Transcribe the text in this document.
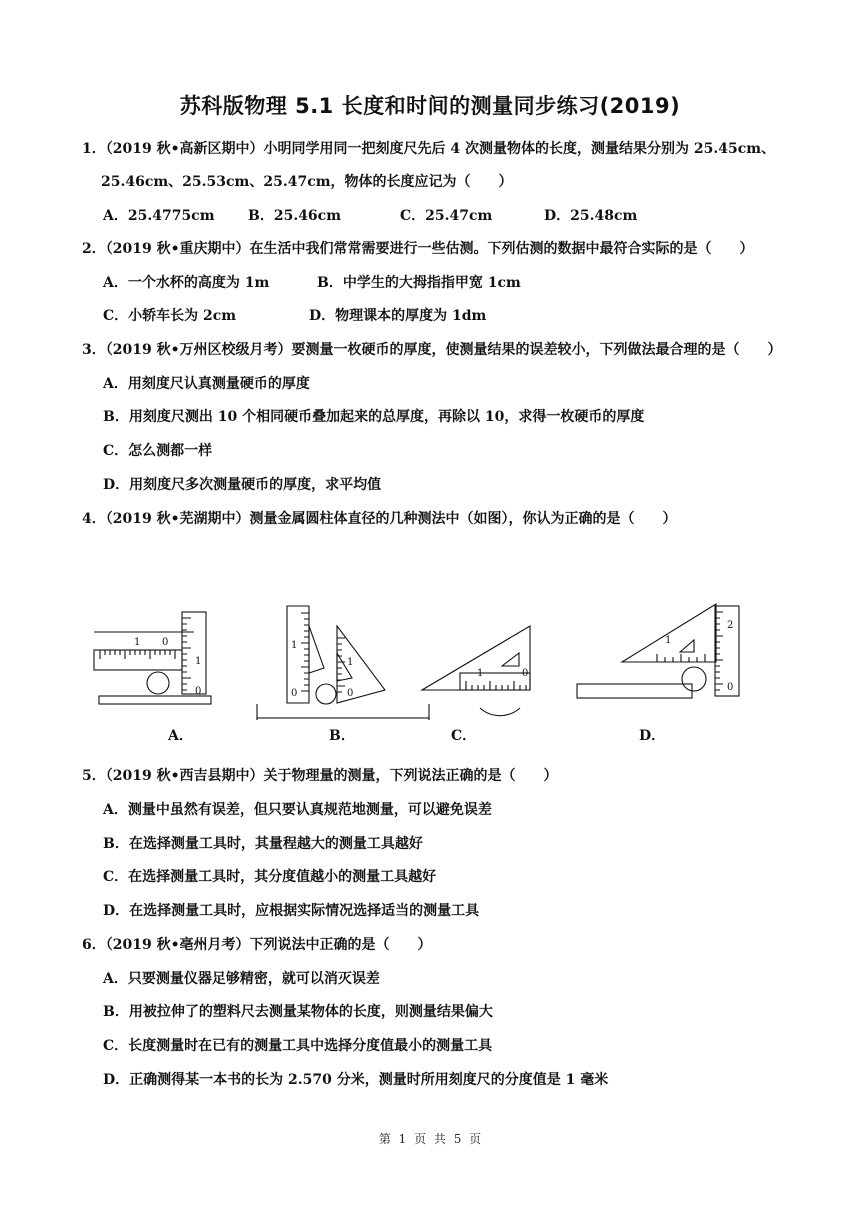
苏科版物理 5.1 长度和时间的测量同步练习(2019)
1．（2019 秋•高新区期中）小明同学用同一把刻度尺先后 4 次测量物体的长度，测量结果分别为 25.45cm、
25.46cm、25.53cm、25.47cm，物体的长度应记为（　　）
A．25.4775cm B．25.46cm	C．25.47cm	D．25.48cm
2．（2019 秋•重庆期中）在生活中我们常常需要进行一些估测。下列估测的数据中最符合实际的是（　　）
A．一个水杯的高度为 1m	B．中学生的大拇指指甲宽 1cm
C．小轿车长为 2cm	D．物理课本的厚度为 1dm
3．（2019 秋•万州区校级月考）要测量一枚硬币的厚度，使测量结果的误差较小，下列做法最合理的是（　　）
A．用刻度尺认真测量硬币的厚度
B．用刻度尺测出 10 个相同硬币叠加起来的总厚度，再除以 10，求得一枚硬币的厚度
C．怎么测都一样
D．用刻度尺多次测量硬币的厚度，求平均值
4．（2019 秋•芜湖期中）测量金属圆柱体直径的几种测法中（如图），你认为正确的是（　　）
1 0
1
0
1
0
1
0
1	0
1
2
0
A．	B．	C．	D．
5．（2019 秋•西吉县期中）关于物理量的测量，下列说法正确的是（　　）
A．测量中虽然有误差，但只要认真规范地测量，可以避免误差
B．在选择测量工具时，其量程越大的测量工具越好
C．在选择测量工具时，其分度值越小的测量工具越好
D．在选择测量工具时，应根据实际情况选择适当的测量工具
6．（2019 秋•亳州月考）下列说法中正确的是（　　）
A．只要测量仪器足够精密，就可以消灭误差
B．用被拉伸了的塑料尺去测量某物体的长度，则测量结果偏大
C．长度测量时在已有的测量工具中选择分度值最小的测量工具
D．正确测得某一本书的长为 2.570 分米，测量时所用刻度尺的分度值是 1 毫米
第 1 页 共 5 页
